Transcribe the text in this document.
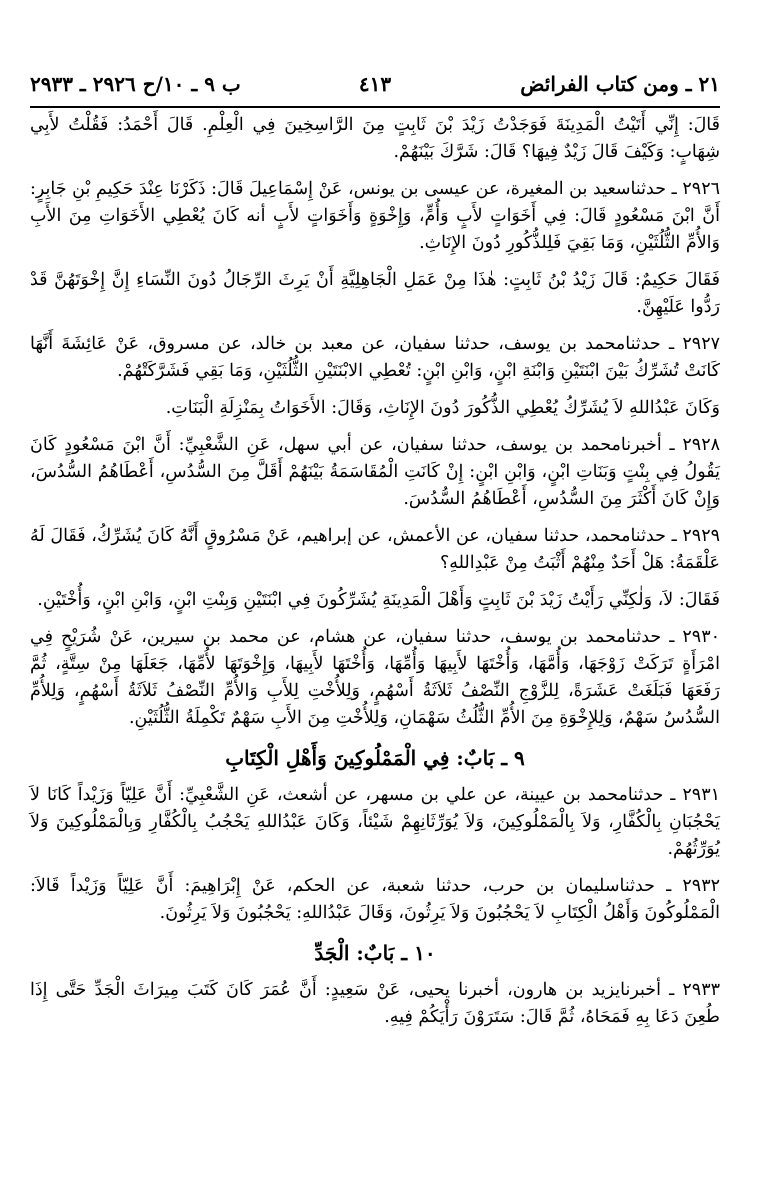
٢١ ـ ومن كتاب الفرائض
٤١٣
ب ٩ ـ ١٠/ح ٢٩٢٦ ـ ٢٩٣٣

قَالَ: إِنِّي أَتَيْتُ الْمَدِينَةَ فَوَجَدْتُ زَيْدَ بْنَ ثَابِتٍ مِنَ الرَّاسِخِينَ فِي الْعِلْمِ. قَالَ أَحْمَدُ: فَقُلْتُ لأَبِي شِهَابٍ: وَكَيْفَ قَالَ زَيْدٌ فِيهَا؟ قَالَ: شَرَّكَ بَيْنَهُمْ.

٢٩٢٦ ـ حدثناسعيد بن المغيرة، عن عيسى بن يونس، عَنْ إِسْمَاعِيلَ قَالَ: ذَكَرْنَا عِنْدَ حَكِيمِ بْنِ جَابِرٍ: أَنَّ ابْنَ مَسْعُودٍ قَالَ: فِي أَخَوَاتٍ لأَبٍ وَأُمٍّ، وَإِخْوَةٍ وَأَخَوَاتٍ لأَبٍ أنه كَانَ يُعْطِي الأَخَوَاتِ مِنَ الأَبِ وَالأُمِّ الثُّلُثَيْنِ، وَمَا بَقِيَ فَلِلذُّكُورِ دُونَ الإِنَاثِ.

فَقَالَ حَكِيمٌ: قَالَ زَيْدُ بْنُ ثَابِتٍ: هٰذَا مِنْ عَمَلِ الْجَاهِلِيَّةِ أَنْ يَرِثَ الرِّجَالُ دُونَ النِّسَاءِ إِنَّ إِخْوَتَهُنَّ قَدْ رَدُّوا عَلَيْهِنَّ.

٢٩٢٧ ـ حدثنامحمد بن يوسف، حدثنا سفيان، عن معبد بن خالد، عن مسروق، عَنْ عَائِشَةَ أَنَّهَا كَانَتْ تُشَرِّكُ بَيْنَ ابْنَتَيْنِ وَابْنَةِ ابْنٍ، وَابْنِ ابْنٍ: تُعْطِي الابْنَتَيْنِ الثُّلُثَيْنِ، وَمَا بَقِي فَشَرَّكَتْهُمْ.

وَكَانَ عَبْدُاللهِ لاَ يُشَرِّكُ يُعْطِي الذُّكُورَ دُونَ الإِنَاثِ، وَقَالَ: الأَخَوَاتُ بِمَنْزِلَةِ الْبَنَاتِ.

٢٩٢٨ ـ أخبرنامحمد بن يوسف، حدثنا سفيان، عن أبي سهل، عَنِ الشَّعْبِيِّ: أَنَّ ابْنَ مَسْعُودٍ كَانَ يَقُولُ فِي بِنْتٍ وَبَنَاتِ ابْنٍ، وَابْنِ ابْنٍ: إِنْ كَانَتِ الْمُقَاسَمَةُ بَيْنَهُمْ أَقَلَّ مِنَ السُّدُسِ، أَعْطَاهُمُ السُّدُسَ، وَإِنْ كَانَ أَكْثَرَ مِنَ السُّدُسِ، أَعْطَاهُمُ السُّدُسَ.

٢٩٢٩ ـ حدثنامحمد، حدثنا سفيان، عن الأعمش، عن إبراهيم، عَنْ مَسْرُوقٍ أَنَّهُ كَانَ يُشَرِّكُ، فَقَالَ لَهُ عَلْقَمَةُ: هَلْ أَحَدٌ مِنْهُمْ أَثْبَتُ مِنْ عَبْدِاللهِ؟

فَقَالَ: لاَ، وَلٰكِنِّي رَأَيْتُ زَيْدَ بْنَ ثَابِتٍ وَأَهْلَ الْمَدِينَةِ يُشَرِّكُونَ فِي ابْنَتَيْنِ وَبِنْتِ ابْنٍ، وَابْنِ ابْنٍ، وَأُخْتَيْنِ.

٢٩٣٠ ـ حدثنامحمد بن يوسف، حدثنا سفيان، عن هشام، عن محمد بن سيرين، عَنْ شُرَيْحٍ فِي امْرَأَةٍ تَرَكَتْ زَوْجَهَا، وَأُمَّهَا، وَأُخْتَهَا لأَبِيهَا وَأُمِّهَا، وَأُخْتَهَا لأَبِيهَا، وَإِخْوَتَهَا لأُمِّهَا، جَعَلَهَا مِنْ سِتَّةٍ، ثُمَّ رَفَعَهَا فَبَلَغَتْ عَشَرَةً، لِلزَّوْجِ النِّصْفُ ثَلاَثَةُ أَسْهُمٍ، وَلِلأُخْتِ لِلأَبِ وَالأُمِّ النِّصْفُ ثَلاَثَةُ أَسْهُمٍ، وَلِلأُمِّ السُّدُسُ سَهْمٌ، وَلِلإِخْوَةِ مِنَ الأُمِّ الثُّلُثُ سَهْمَانِ، وَلِلأُخْتِ مِنَ الأَبِ سَهْمٌ تَكْمِلَةُ الثُّلُثَيْنِ.

٩ ـ بَابٌ: فِي الْمَمْلُوكِينَ وَأَهْلِ الْكِتَابِ

٢٩٣١ ـ حدثنامحمد بن عيينة، عن علي بن مسهر، عن أشعث، عَنِ الشَّعْبِيِّ: أَنَّ عَلِيّاً وَزَيْداً كَانَا لاَ يَحْجُبَانِ بِالْكُفَّارِ، وَلاَ بِالْمَمْلُوكِينَ، وَلاَ يُوَرِّثَانِهِمْ شَيْئاً، وَكَانَ عَبْدُاللهِ يَحْجُبُ بِالْكُفَّارِ وَبِالْمَمْلُوكِينَ وَلاَ يُوَرِّثُهُمْ.

٢٩٣٢ ـ حدثناسليمان بن حرب، حدثنا شعبة، عن الحكم، عَنْ إِبْرَاهِيمَ: أَنَّ عَلِيّاً وَزَيْداً قَالاَ: الْمَمْلُوكُونَ وَأَهْلُ الْكِتَابِ لاَ يَحْجُبُونَ وَلاَ يَرِثُونَ، وَقَالَ عَبْدُاللهِ: يَحْجُبُونَ وَلاَ يَرِثُونَ.

١٠ ـ بَابٌ: الْجَدِّ

٢٩٣٣ ـ أخبرنايزيد بن هارون، أخبرنا يحيى، عَنْ سَعِيدٍ: أَنَّ عُمَرَ كَانَ كَتَبَ مِيرَاثَ الْجَدِّ حَتَّى إِذَا طُعِنَ دَعَا بِهِ فَمَحَاهُ، ثُمَّ قَالَ: سَتَرَوْنَ رَأْيَكُمْ فِيهِ.
